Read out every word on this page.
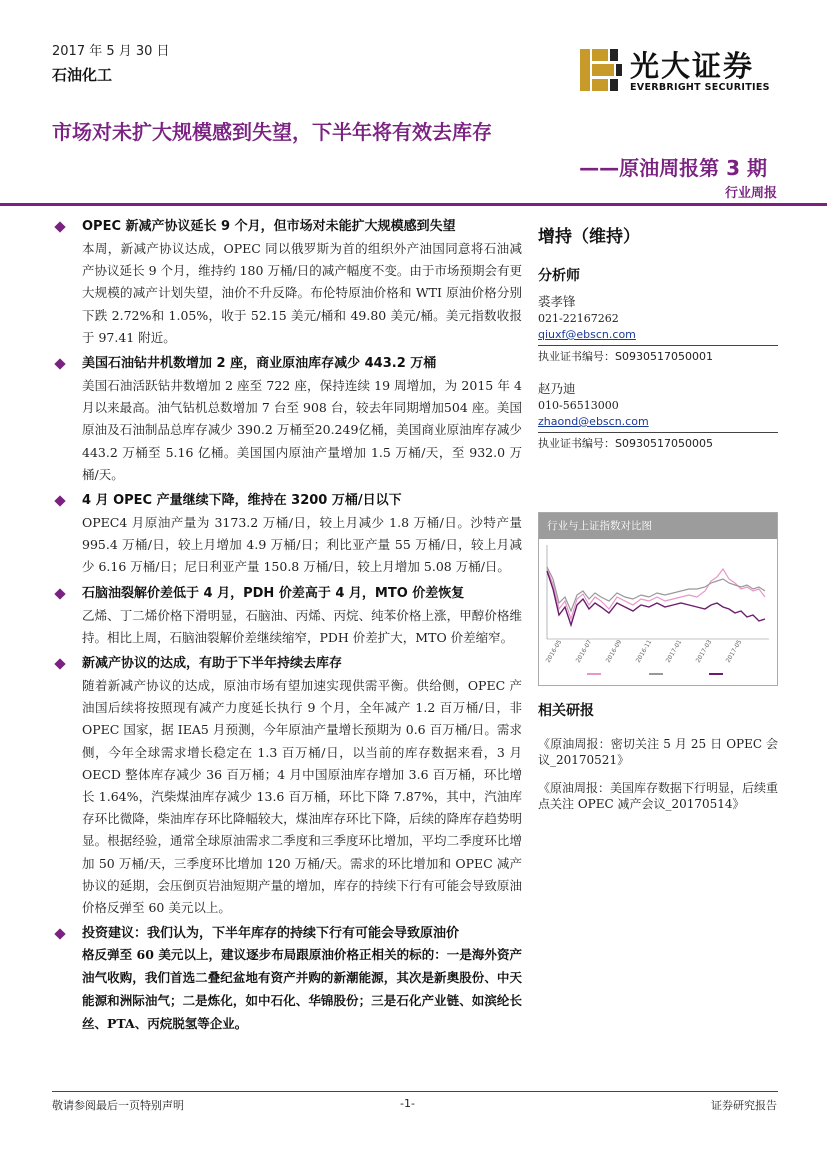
2017 年 5 月 30 日
石油化工	光大证券
EVERBRIGHT SECURITIES
市场对未扩大规模感到失望，下半年将有效去库存
——原油周报第 3 期
行业周报
OPEC 新减产协议延长 9 个月，但市场对未能扩大规模感到失望
本周，新减产协议达成，OPEC 同以俄罗斯为首的组织外产油国同意将石油减产协议延长 9 个月，维持约 180 万桶/日的减产幅度不变。由于市场预期会有更大规模的减产计划失望，油价不升反降。布伦特原油价格和 WTI 原油价格分别下跌 2.72%和 1.05%，收于 52.15 美元/桶和 49.80 美元/桶。美元指数收报于 97.41 附近。
美国石油钻井机数增加 2 座，商业原油库存减少 443.2 万桶
美国石油活跃钻井数增加 2 座至 722 座，保持连续 19 周增加，为 2015 年 4 月以来最高。油气钻机总数增加 7 台至 908 台，较去年同期增加504 座。美国原油及石油制品总库存减少 390.2 万桶至20.249亿桶，美国商业原油库存减少 443.2 万桶至 5.16 亿桶。美国国内原油产量增加 1.5 万桶/天，至 932.0 万桶/天。
4 月 OPEC 产量继续下降，维持在 3200 万桶/日以下
OPEC4 月原油产量为 3173.2 万桶/日，较上月减少 1.8 万桶/日。沙特产量 995.4 万桶/日，较上月增加 4.9 万桶/日；利比亚产量 55 万桶/日，较上月减少 6.16 万桶/日；尼日利亚产量 150.8 万桶/日，较上月增加 5.08 万桶/日。
石脑油裂解价差低于 4 月，PDH 价差高于 4 月，MTO 价差恢复
乙烯、丁二烯价格下滑明显，石脑油、丙烯、丙烷、纯苯价格上涨，甲醇价格维持。相比上周，石脑油裂解价差继续缩窄，PDH 价差扩大，MTO 价差缩窄。
新减产协议的达成，有助于下半年持续去库存
随着新减产协议的达成，原油市场有望加速实现供需平衡。供给侧，OPEC 产油国后续将按照现有减产力度延长执行 9 个月，全年减产 1.2 百万桶/日，非 OPEC 国家，据 IEA5 月预测，今年原油产量增长预期为 0.6 百万桶/日。需求侧，今年全球需求增长稳定在 1.3 百万桶/日，以当前的库存数据来看，3 月 OECD 整体库存减少 36 百万桶；4 月中国原油库存增加 3.6 百万桶，环比增长 1.64%，汽柴煤油库存减少 13.6 百万桶，环比下降 7.87%，其中，汽油库存环比微降，柴油库存环比降幅较大，煤油库存环比下降，后续的降库存趋势明显。根据经验，通常全球原油需求二季度和三季度环比增加，平均二季度环比增加 50 万桶/天，三季度环比增加 120 万桶/天。需求的环比增加和 OPEC 减产协议的延期，会压倒页岩油短期产量的增加，库存的持续下行有可能会导致原油价格反弹至 60 美元以上。
投资建议：我们认为，下半年库存的持续下行有可能会导致原油价
格反弹至 60 美元以上，建议逐步布局跟原油价格正相关的标的：一是海外资产油气收购，我们首选二叠纪盆地有资产并购的新潮能源，其次是新奥股份、中天能源和洲际油气；二是炼化，如中石化、华锦股份；三是石化产业链、如滨纶长丝、PTA、丙烷脱氢等企业。
增持（维持）
分析师
裘孝锋
021-22167262
qiuxf@ebscn.com
执业证书编号：S0930517050001
赵乃迪
010-56513000
zhaond@ebscn.com
执业证书编号：S0930517050005
行业与上证指数对比图
2016-05 2016-07 2016-09 2016-11 2017-01 2017-03 2017-05
相关研报
《原油周报：密切关注 5 月 25 日 OPEC 会议_20170521》
《原油周报：美国库存数据下行明显，后续重点关注 OPEC 减产会议_20170514》
敬请参阅最后一页特别声明	-1-	证券研究报告
